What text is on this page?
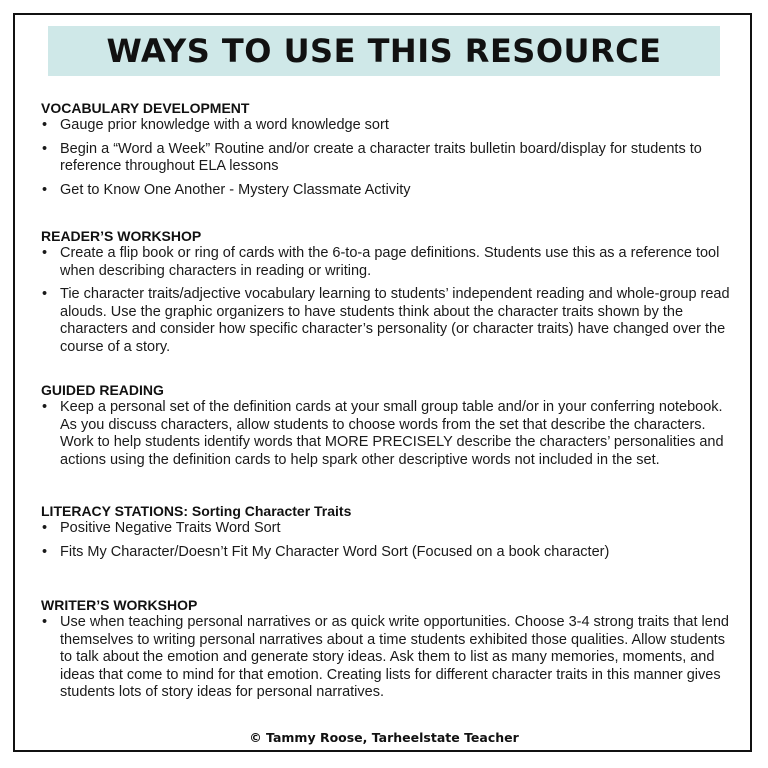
WAYS TO USE THIS RESOURCE
VOCABULARY DEVELOPMENT
• Gauge prior knowledge with a word knowledge sort
• Begin a “Word a Week” Routine and/or create a character traits bulletin board/display for students to reference throughout ELA lessons
• Get to Know One Another - Mystery Classmate Activity
READER’S WORKSHOP
• Create a flip book or ring of cards with the 6-to-a page definitions. Students use this as a reference tool when describing characters in reading or writing.
• Tie character traits/adjective vocabulary learning to students’ independent reading and whole-group read alouds. Use the graphic organizers to have students think about the character traits shown by the characters and consider how specific character’s personality (or character traits) have changed over the course of a story.
GUIDED READING
• Keep a personal set of the definition cards at your small group table and/or in your conferring notebook. As you discuss characters, allow students to choose words from the set that describe the characters. Work to help students identify words that MORE PRECISELY describe the characters’ personalities and actions using the definition cards to help spark other descriptive words not included in the set.
LITERACY STATIONS: Sorting Character Traits
• Positive Negative Traits Word Sort
• Fits My Character/Doesn’t Fit My Character Word Sort (Focused on a book character)
WRITER’S WORKSHOP
• Use when teaching personal narratives or as quick write opportunities. Choose 3-4 strong traits that lend themselves to writing personal narratives about a time students exhibited those qualities. Allow students to talk about the emotion and generate story ideas. Ask them to list as many memories, moments, and ideas that come to mind for that emotion. Creating lists for different character traits in this manner gives students lots of story ideas for personal narratives.
© Tammy Roose, Tarheelstate Teacher
